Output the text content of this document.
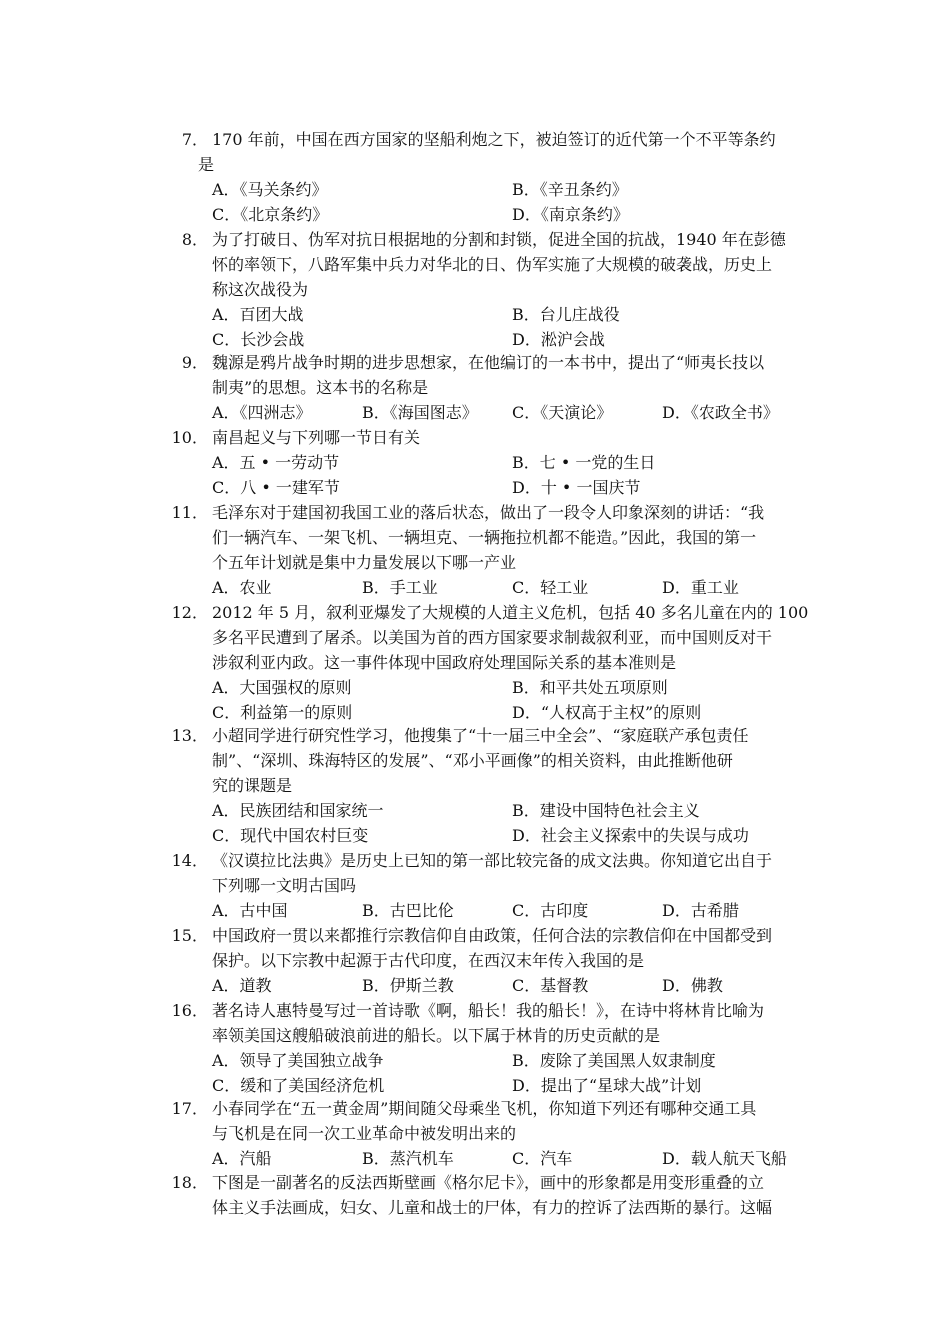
7． 170 年前，中国在西方国家的坚船利炮之下，被迫签订的近代第一个不平等条约
是
A．《马关条约》	B．《辛丑条约》
C．《北京条约》	D．《南京条约》
8． 为了打破日、伪军对抗日根据地的分割和封锁，促进全国的抗战，1940 年在彭德
怀的率领下，八路军集中兵力对华北的日、伪军实施了大规模的破袭战，历史上
称这次战役为
A．百团大战	B．台儿庄战役
C．长沙会战	D．淞沪会战
9． 魏源是鸦片战争时期的进步思想家，在他编订的一本书中，提出了“师夷长技以
制夷”的思想。这本书的名称是
A．《四洲志》	B．《海国图志》 C．《天演论》	D．《农政全书》
10． 南昌起义与下列哪一节日有关
A．五 • 一劳动节	B．七 • 一党的生日
C．八 • 一建军节	D．十 • 一国庆节
11． 毛泽东对于建国初我国工业的落后状态，做出了一段令人印象深刻的讲话：“我
们一辆汽车、一架飞机、一辆坦克、一辆拖拉机都不能造。”因此，我国的第一
个五年计划就是集中力量发展以下哪一产业
A．农业	B．手工业	C．轻工业	D．重工业
12． 2012 年 5 月，叙利亚爆发了大规模的人道主义危机，包括 40 多名儿童在内的 100
多名平民遭到了屠杀。以美国为首的西方国家要求制裁叙利亚，而中国则反对干
涉叙利亚内政。这一事件体现中国政府处理国际关系的基本准则是
A．大国强权的原则	B．和平共处五项原则
C．利益第一的原则	D．“人权高于主权”的原则
13． 小超同学进行研究性学习，他搜集了“十一届三中全会”、“家庭联产承包责任
制”、“深圳、珠海特区的发展”、“邓小平画像”的相关资料，由此推断他研
究的课题是
A．民族团结和国家统一	B．建设中国特色社会主义
C．现代中国农村巨变	D．社会主义探索中的失误与成功
14． 《汉谟拉比法典》是历史上已知的第一部比较完备的成文法典。你知道它出自于
下列哪一文明古国吗
A．古中国	B．古巴比伦	C．古印度	D．古希腊
15． 中国政府一贯以来都推行宗教信仰自由政策，任何合法的宗教信仰在中国都受到
保护。以下宗教中起源于古代印度，在西汉末年传入我国的是
A．道教	B．伊斯兰教	C．基督教	D．佛教
16． 著名诗人惠特曼写过一首诗歌《啊，船长！我的船长！》，在诗中将林肯比喻为
率领美国这艘船破浪前进的船长。以下属于林肯的历史贡献的是
A．领导了美国独立战争	B．废除了美国黑人奴隶制度
C．缓和了美国经济危机	D．提出了“星球大战”计划
17． 小春同学在“五一黄金周”期间随父母乘坐飞机，你知道下列还有哪种交通工具
与飞机是在同一次工业革命中被发明出来的
A．汽船	B．蒸汽机车	C．汽车	D．载人航天飞船
18． 下图是一副著名的反法西斯壁画《格尔尼卡》，画中的形象都是用变形重叠的立
体主义手法画成，妇女、儿童和战士的尸体，有力的控诉了法西斯的暴行。这幅
